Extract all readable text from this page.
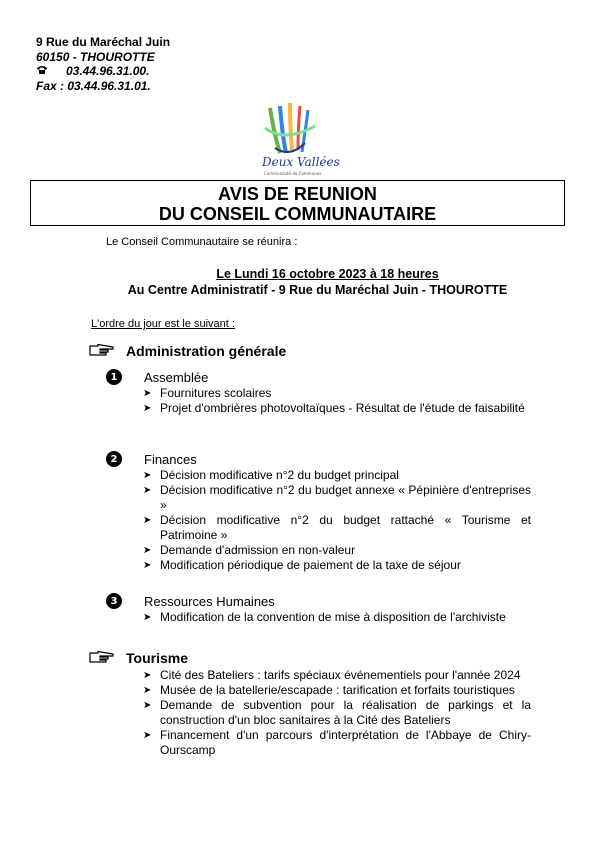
9 Rue du Maréchal Juin
60150 - THOUROTTE
03.44.96.31.00.
Fax : 03.44.96.31.01.
Deux Vallées
Communauté de Communes
AVIS DE REUNION
DU CONSEIL COMMUNAUTAIRE
Le Conseil Communautaire se réunira :
Le Lundi 16 octobre 2023 à 18 heures
Au Centre Administratif - 9 Rue du Maréchal Juin - THOUROTTE
L'ordre du jour est le suivant :
Administration générale
1	Assemblée
➤ Fournitures scolaires
➤ Projet d'ombrières photovoltaïques - Résultat de l'étude de faisabilité
2	Finances
➤ Décision modificative n°2 du budget principal
➤ Décision modificative n°2 du budget annexe « Pépinière d'entreprises »
➤ Décision modificative n°2 du budget rattaché « Tourisme et Patrimoine »
➤ Demande d'admission en non-valeur
➤ Modification périodique de paiement de la taxe de séjour
3	Ressources Humaines
➤ Modification de la convention de mise à disposition de l'archiviste
Tourisme
➤ Cité des Bateliers : tarifs spéciaux événementiels pour l'année 2024
➤ Musée de la batellerie/escapade : tarification et forfaits touristiques
➤ Demande de subvention pour la réalisation de parkings et la construction d'un bloc sanitaires à la Cité des Bateliers
➤ Financement d'un parcours d'interprétation de l'Abbaye de Chiry-Ourscamp
